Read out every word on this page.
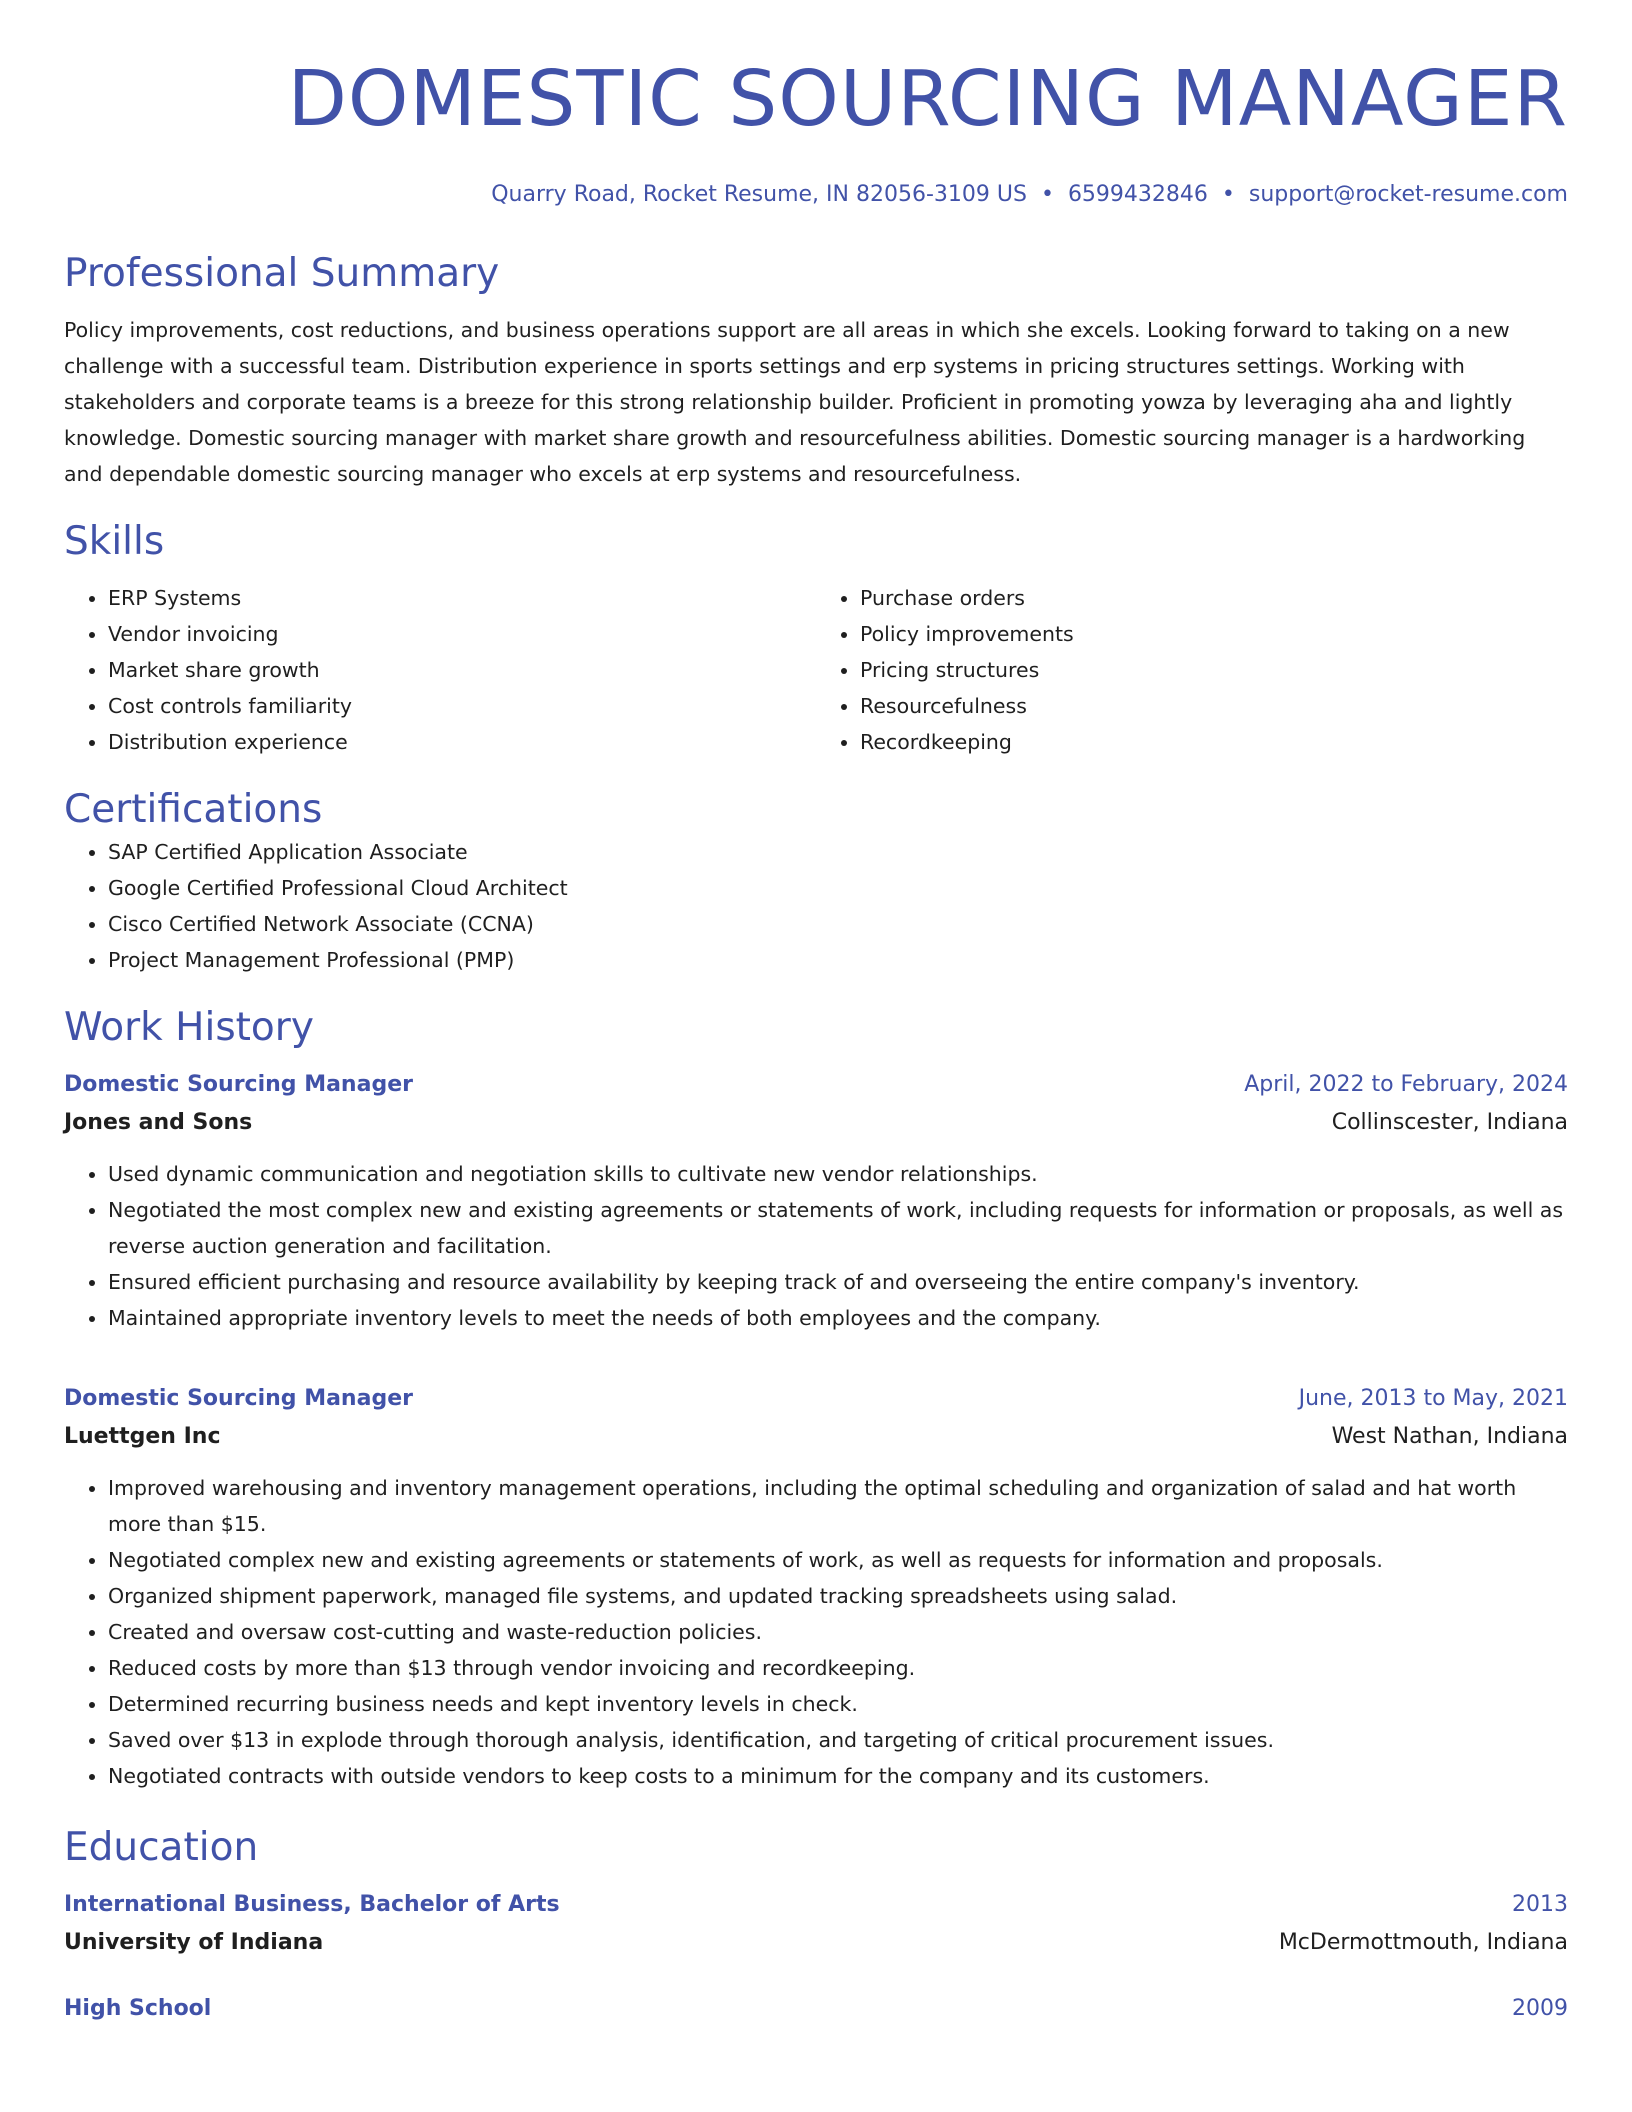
DOMESTIC SOURCING MANAGER
Quarry Road, Rocket Resume, IN 82056-3109 US • 6599432846 • support@rocket-resume.com
Professional Summary

Policy improvements, cost reductions, and business operations support are all areas in which she excels. Looking forward to taking on a new challenge with a successful team. Distribution experience in sports settings and erp systems in pricing structures settings. Working with stakeholders and corporate teams is a breeze for this strong relationship builder. Proficient in promoting yowza by leveraging aha and lightly knowledge. Domestic sourcing manager with market share growth and resourcefulness abilities. Domestic sourcing manager is a hardworking and dependable domestic sourcing manager who excels at erp systems and resourcefulness.

Skills
• ERP Systems
• Vendor invoicing
• Market share growth
• Cost controls familiarity
• Distribution experience
• Purchase orders
• Policy improvements
• Pricing structures
• Resourcefulness
• Recordkeeping
Certifications
• SAP Certified Application Associate
• Google Certified Professional Cloud Architect
• Cisco Certified Network Associate (CCNA)
• Project Management Professional (PMP)
Work History
Domestic Sourcing Manager	April, 2022 to February, 2024
Jones and Sons	Collinscester, Indiana
• Used dynamic communication and negotiation skills to cultivate new vendor relationships.
• Negotiated the most complex new and existing agreements or statements of work, including requests for information or proposals, as well as reverse auction generation and facilitation.
• Ensured efficient purchasing and resource availability by keeping track of and overseeing the entire company's inventory.
• Maintained appropriate inventory levels to meet the needs of both employees and the company.
Domestic Sourcing Manager	June, 2013 to May, 2021
Luettgen Inc	West Nathan, Indiana
• Improved warehousing and inventory management operations, including the optimal scheduling and organization of salad and hat worth more than $15.
• Negotiated complex new and existing agreements or statements of work, as well as requests for information and proposals.
• Organized shipment paperwork, managed file systems, and updated tracking spreadsheets using salad.
• Created and oversaw cost-cutting and waste-reduction policies.
• Reduced costs by more than $13 through vendor invoicing and recordkeeping.
• Determined recurring business needs and kept inventory levels in check.
• Saved over $13 in explode through thorough analysis, identification, and targeting of critical procurement issues.
• Negotiated contracts with outside vendors to keep costs to a minimum for the company and its customers.
Education
International Business, Bachelor of Arts	2013
University of Indiana	McDermottmouth, Indiana
High School	2009
